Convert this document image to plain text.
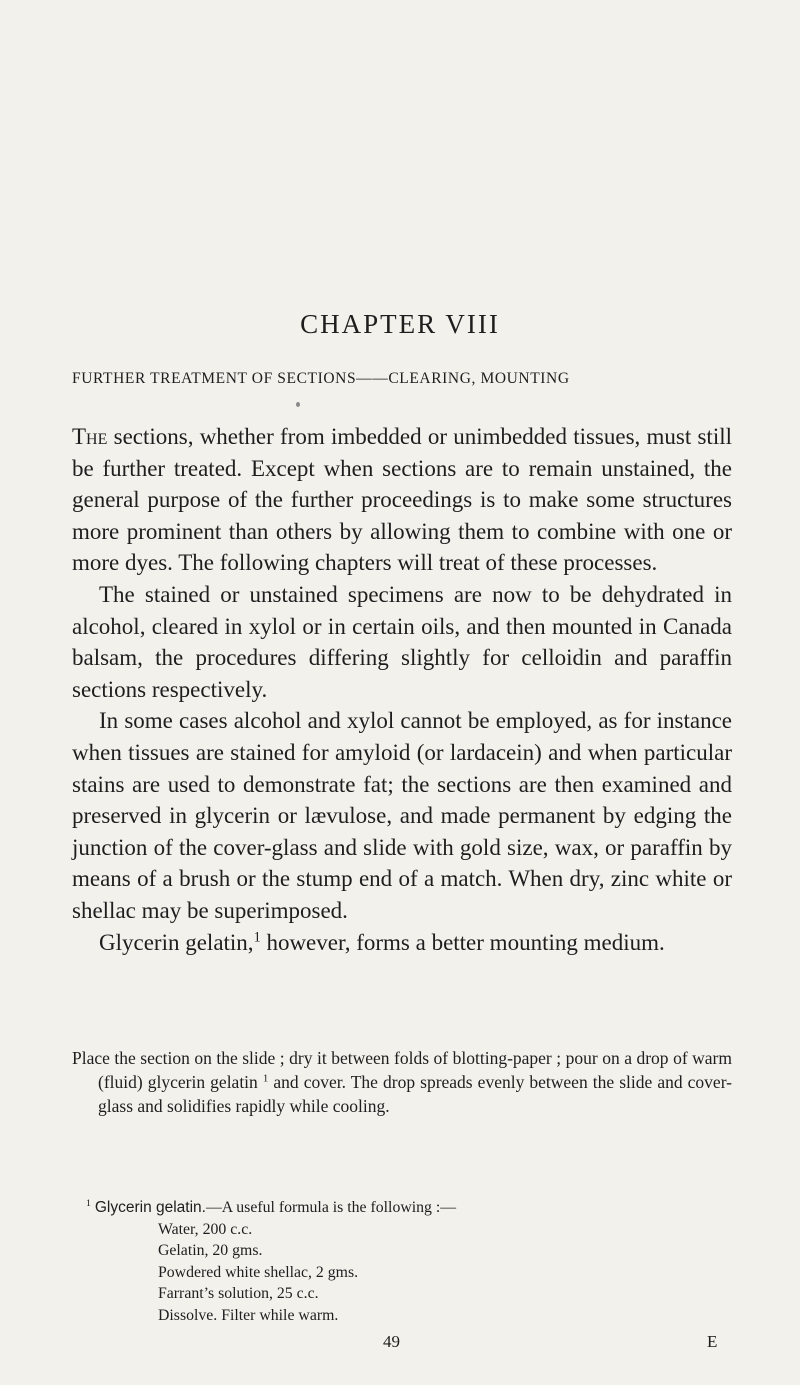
CHAPTER VIII
FURTHER TREATMENT OF SECTIONS——CLEARING, MOUNTING

The sections, whether from imbedded or unimbedded tissues, must still be further treated. Except when sections are to remain unstained, the general purpose of the further proceedings is to make some structures more prominent than others by allowing them to combine with one or more dyes. The following chapters will treat of these processes.

The stained or unstained specimens are now to be dehydrated in alcohol, cleared in xylol or in certain oils, and then mounted in Canada balsam, the procedures differing slightly for celloidin and paraffin sections respectively.

In some cases alcohol and xylol cannot be employed, as for instance when tissues are stained for amyloid (or lardacein) and when particular stains are used to demonstrate fat; the sections are then examined and preserved in glycerin or lævulose, and made permanent by edging the junction of the cover-glass and slide with gold size, wax, or paraffin by means of a brush or the stump end of a match. When dry, zinc white or shellac may be superimposed.

Glycerin gelatin,$^1$ however, forms a better mounting medium.

Place the section on the slide ; dry it between folds of blotting-paper ; pour on a drop of warm (fluid) glycerin gelatin $^1$ and cover. The drop spreads evenly between the slide and cover-glass and solidifies rapidly while cooling.

$^1$ Glycerin gelatin.—A useful formula is the following :—
Water, 200 c.c.
Gelatin, 20 gms.
Powdered white shellac, 2 gms.
Farrant’s solution, 25 c.c.
Dissolve. Filter while warm.
49	E
